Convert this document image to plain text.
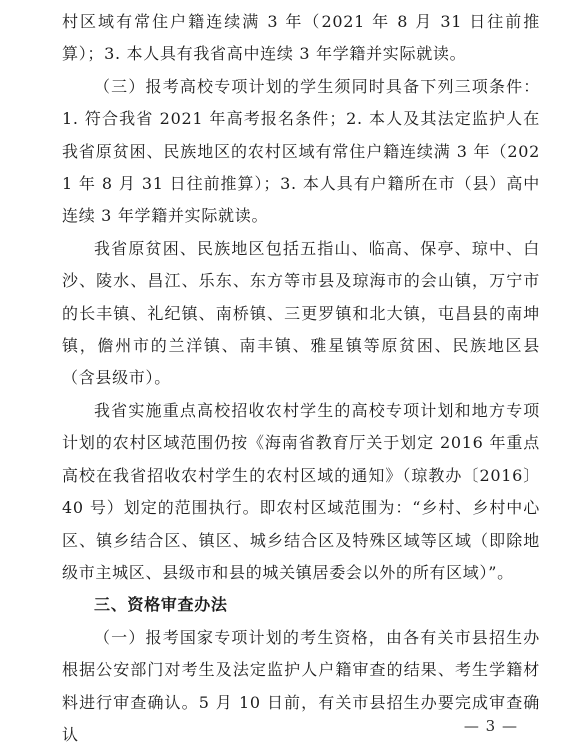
村区域有常住户籍连续满 3 年（2021 年 8 月 31 日往前推算）；3. 本人具有我省高中连续 3 年学籍并实际就读。

（三）报考高校专项计划的学生须同时具备下列三项条件：1. 符合我省 2021 年高考报名条件；2. 本人及其法定监护人在我省原贫困、民族地区的农村区域有常住户籍连续满 3 年（2021 年 8 月 31 日往前推算）；3. 本人具有户籍所在市（县）高中连续 3 年学籍并实际就读。

我省原贫困、民族地区包括五指山、临高、保亭、琼中、白沙、陵水、昌江、乐东、东方等市县及琼海市的会山镇，万宁市的长丰镇、礼纪镇、南桥镇、三更罗镇和北大镇，屯昌县的南坤镇，儋州市的兰洋镇、南丰镇、雅星镇等原贫困、民族地区县（含县级市）。

我省实施重点高校招收农村学生的高校专项计划和地方专项计划的农村区域范围仍按《海南省教育厅关于划定 2016 年重点高校在我省招收农村学生的农村区域的通知》（琼教办〔2016〕40 号）划定的范围执行。即农村区域范围为：“乡村、乡村中心区、镇乡结合区、镇区、城乡结合区及特殊区域等区域（即除地级市主城区、县级市和县的城关镇居委会以外的所有区域）”。

三、资格审查办法

（一）报考国家专项计划的考生资格，由各有关市县招生办根据公安部门对考生及法定监护人户籍审查的结果、考生学籍材料进行审查确认。5 月 10 日前，有关市县招生办要完成审查确认	— 3 —
